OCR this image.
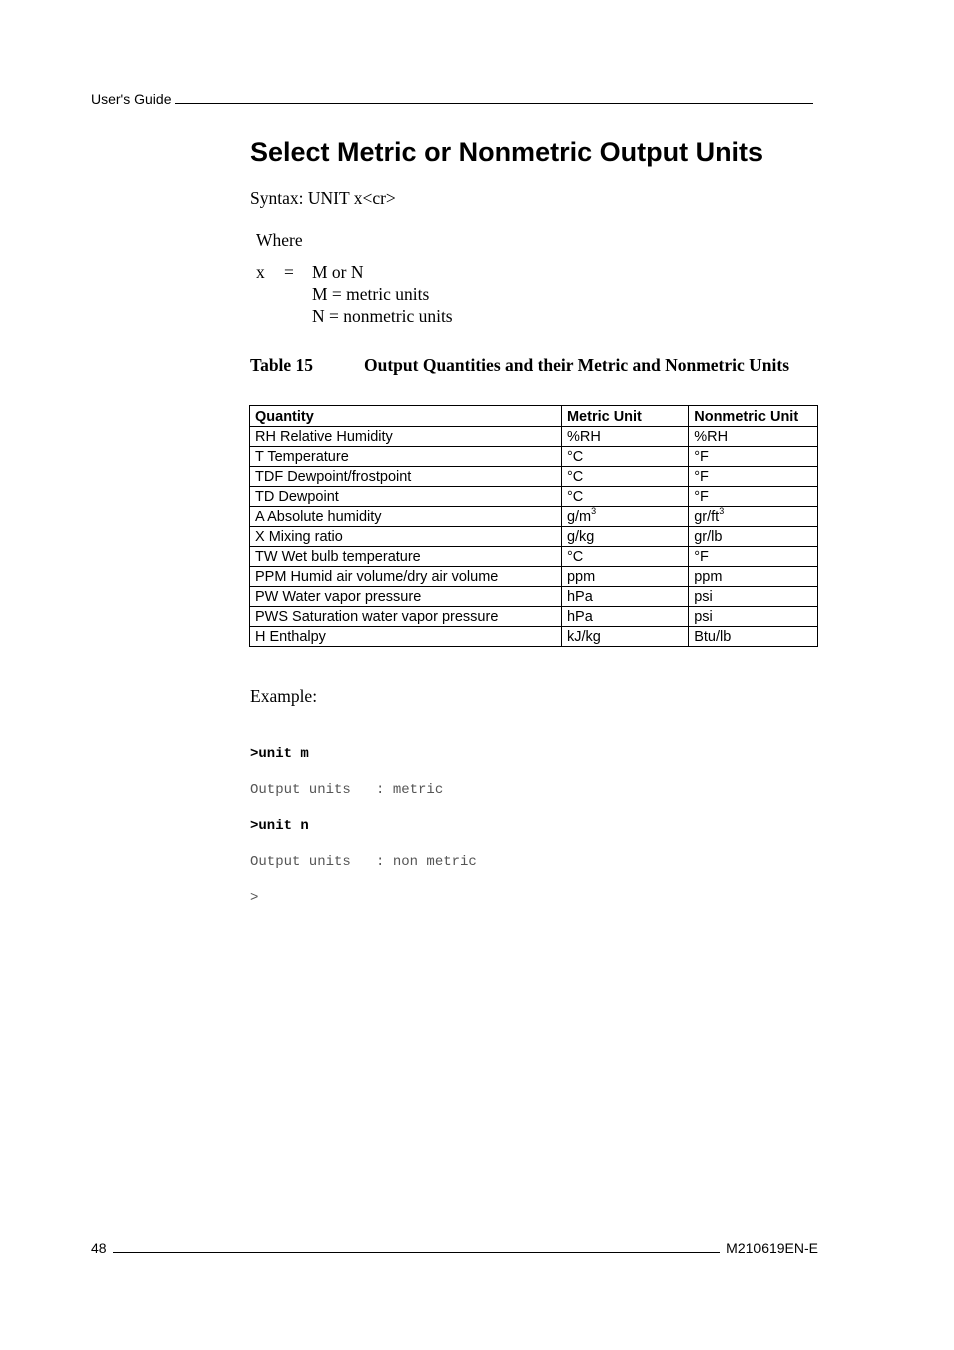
User's Guide
Select Metric or Nonmetric Output Units
Syntax: UNIT x<cr>
Where
x = M or N
M = metric units
N = nonmetric units
Table 15	Output Quantities and their Metric and Nonmetric Units
Quantity	Metric Unit	Nonmetric Unit
RH Relative Humidity	%RH	%RH
T Temperature	°C	°F
TDF Dewpoint/frostpoint	°C	°F
TD Dewpoint	°C	°F
A Absolute humidity	$g/m^3$	$gr/ft^3$
X Mixing ratio	g/kg	gr/lb
TW Wet bulb temperature	°C	°F
PPM Humid air volume/dry air volume	ppm	ppm
PW Water vapor pressure	hPa	psi
PWS Saturation water vapor pressure	hPa	psi
H Enthalpy	kJ/kg	Btu/lb
Example:

>unit m

Output units   : metric

>unit n

Output units   : non metric

>

48	M210619EN-E
